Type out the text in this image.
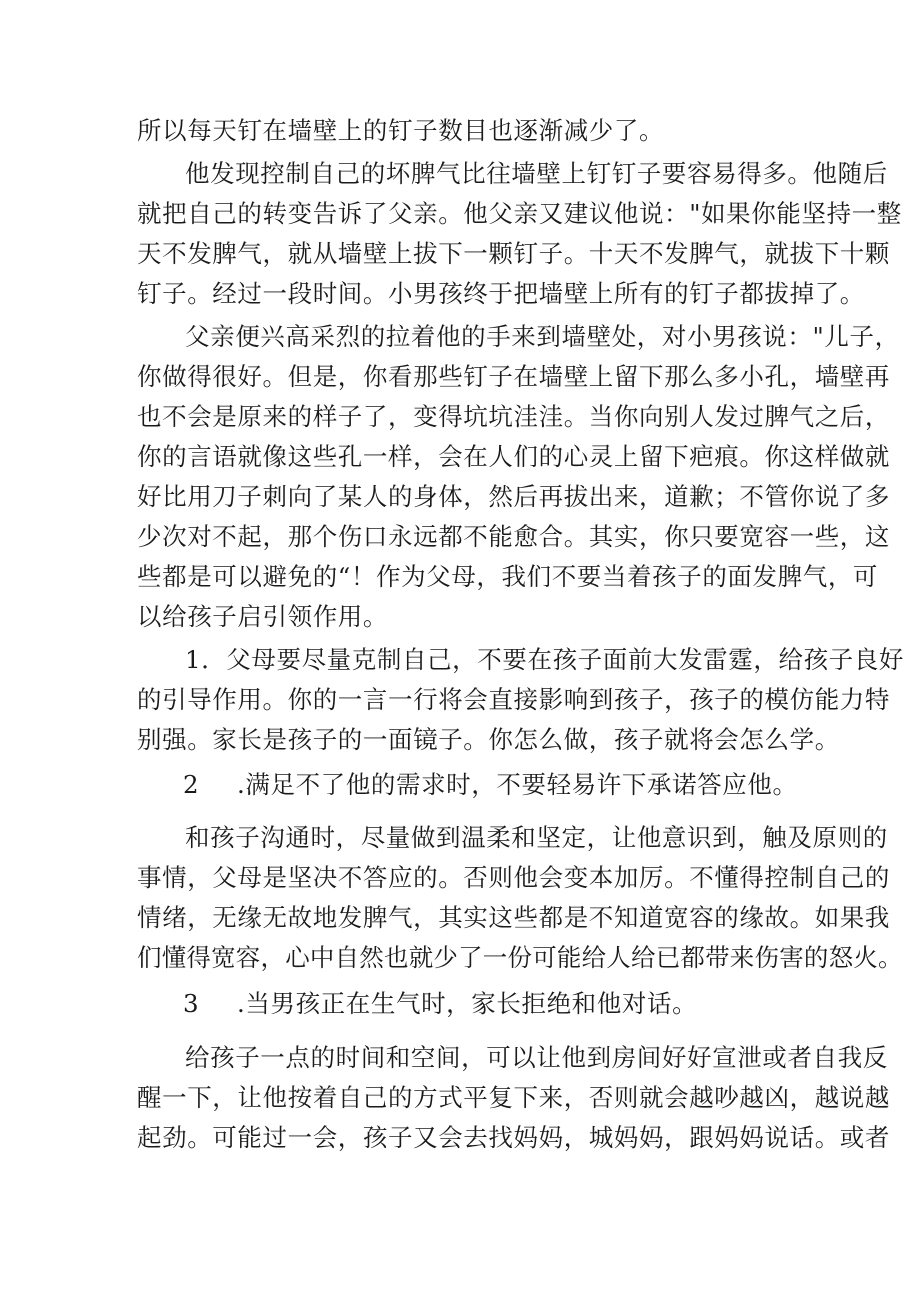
所以每天钉在墙壁上的钉子数目也逐渐减少了。
他发现控制自己的坏脾气比往墙壁上钉钉子要容易得多。他随后
就把自己的转变告诉了父亲。他父亲又建议他说："如果你能坚持一整
天不发脾气，就从墙壁上拔下一颗钉子。十天不发脾气，就拔下十颗
钉子。经过一段时间。小男孩终于把墙壁上所有的钉子都拔掉了。
父亲便兴高采烈的拉着他的手来到墙壁处，对小男孩说："儿子，
你做得很好。但是，你看那些钉子在墙壁上留下那么多小孔，墙壁再
也不会是原来的样子了，变得坑坑洼洼。当你向别人发过脾气之后，
你的言语就像这些孔一样，会在人们的心灵上留下疤痕。你这样做就
好比用刀子刺向了某人的身体，然后再拔出来，道歉；不管你说了多
少次对不起，那个伤口永远都不能愈合。其实，你只要宽容一些，这
些都是可以避免的“！作为父母，我们不要当着孩子的面发脾气，可
以给孩子启引领作用。
1．父母要尽量克制自己，不要在孩子面前大发雷霆，给孩子良好
的引导作用。你的一言一行将会直接影响到孩子，孩子的模仿能力特
别强。家长是孩子的一面镜子。你怎么做，孩子就将会怎么学。
2 .满足不了他的需求时，不要轻易许下承诺答应他。
和孩子沟通时，尽量做到温柔和坚定，让他意识到，触及原则的
事情，父母是坚决不答应的。否则他会变本加厉。不懂得控制自己的
情绪，无缘无故地发脾气，其实这些都是不知道宽容的缘故。如果我
们懂得宽容，心中自然也就少了一份可能给人给已都带来伤害的怒火。
3 .当男孩正在生气时，家长拒绝和他对话。
给孩子一点的时间和空间，可以让他到房间好好宣泄或者自我反
醒一下，让他按着自己的方式平复下来，否则就会越吵越凶，越说越
起劲。可能过一会，孩子又会去找妈妈，城妈妈，跟妈妈说话。或者
